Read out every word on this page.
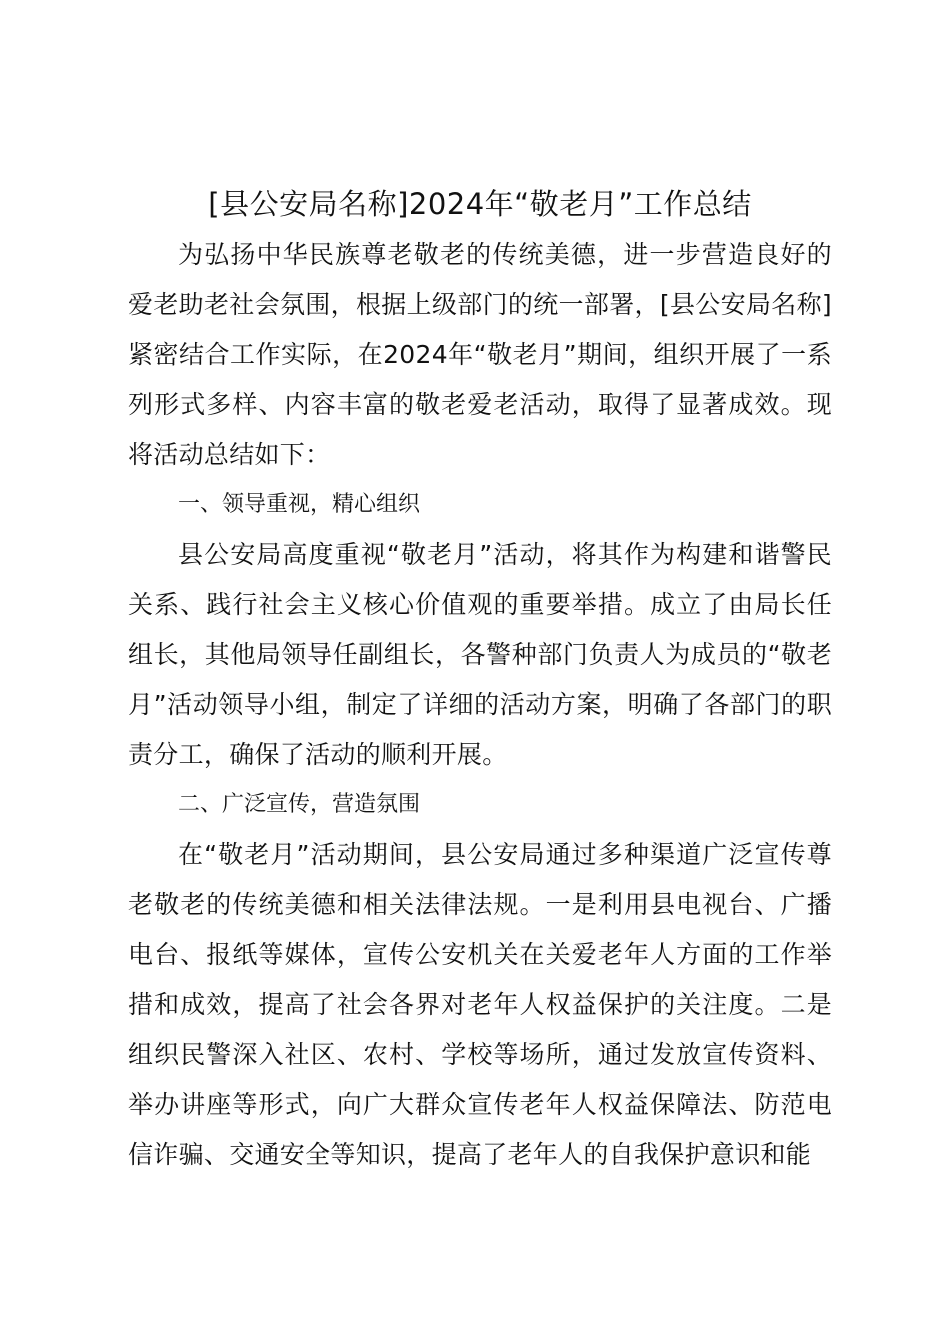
[县公安局名称]2024年“敬老月”工作总结

为弘扬中华民族尊老敬老的传统美德，进一步营造良好的爱老助老社会氛围，根据上级部门的统一部署，[县公安局名称]紧密结合工作实际，在2024年“敬老月”期间，组织开展了一系列形式多样、内容丰富的敬老爱老活动，取得了显著成效。现将活动总结如下：

一、领导重视，精心组织

县公安局高度重视“敬老月”活动，将其作为构建和谐警民关系、践行社会主义核心价值观的重要举措。成立了由局长任组长，其他局领导任副组长，各警种部门负责人为成员的“敬老月”活动领导小组，制定了详细的活动方案，明确了各部门的职责分工，确保了活动的顺利开展。

二、广泛宣传，营造氛围

在“敬老月”活动期间，县公安局通过多种渠道广泛宣传尊老敬老的传统美德和相关法律法规。一是利用县电视台、广播电台、报纸等媒体，宣传公安机关在关爱老年人方面的工作举措和成效，提高了社会各界对老年人权益保护的关注度。二是组织民警深入社区、农村、学校等场所，通过发放宣传资料、举办讲座等形式，向广大群众宣传老年人权益保障法、防范电信诈骗、交通安全等知识，提高了老年人的自我保护意识和能
